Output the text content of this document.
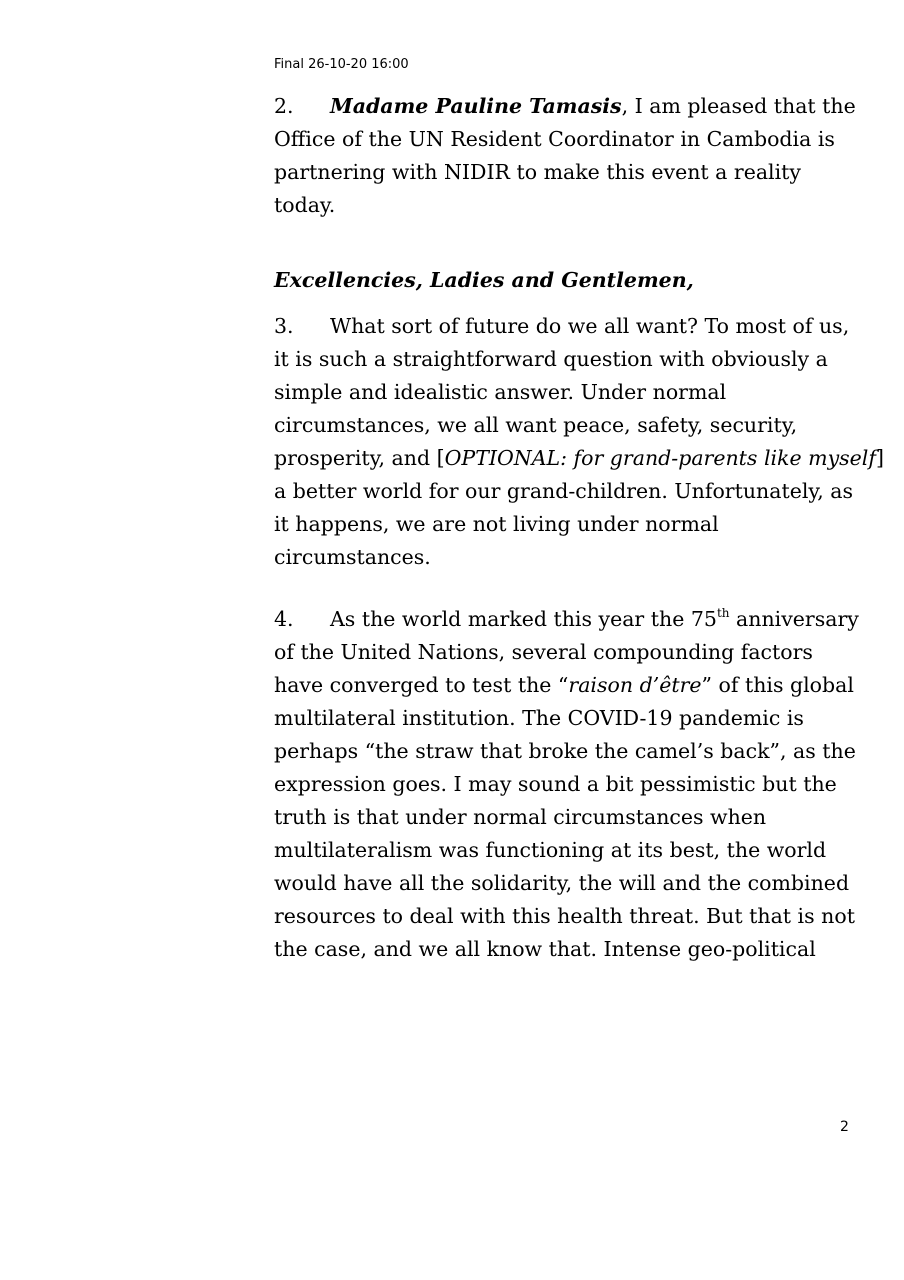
Final 26-10-20 16:00
2. Madame Pauline Tamasis, I am pleased that the
Office of the UN Resident Coordinator in Cambodia is
partnering with NIDIR to make this event a reality
today.
Excellencies, Ladies and Gentlemen,
3. What sort of future do we all want? To most of us,
it is such a straightforward question with obviously a
simple and idealistic answer. Under normal
circumstances, we all want peace, safety, security,
prosperity, and [OPTIONAL: for grand-parents like myself]
a better world for our grand-children. Unfortunately, as
it happens, we are not living under normal
circumstances.
4. As the world marked this year the 75th anniversary
of the United Nations, several compounding factors
have converged to test the “raison d’être” of this global
multilateral institution. The COVID-19 pandemic is
perhaps “the straw that broke the camel’s back”, as the
expression goes. I may sound a bit pessimistic but the
truth is that under normal circumstances when
multilateralism was functioning at its best, the world
would have all the solidarity, the will and the combined
resources to deal with this health threat. But that is not
the case, and we all know that. Intense geo-political
2
